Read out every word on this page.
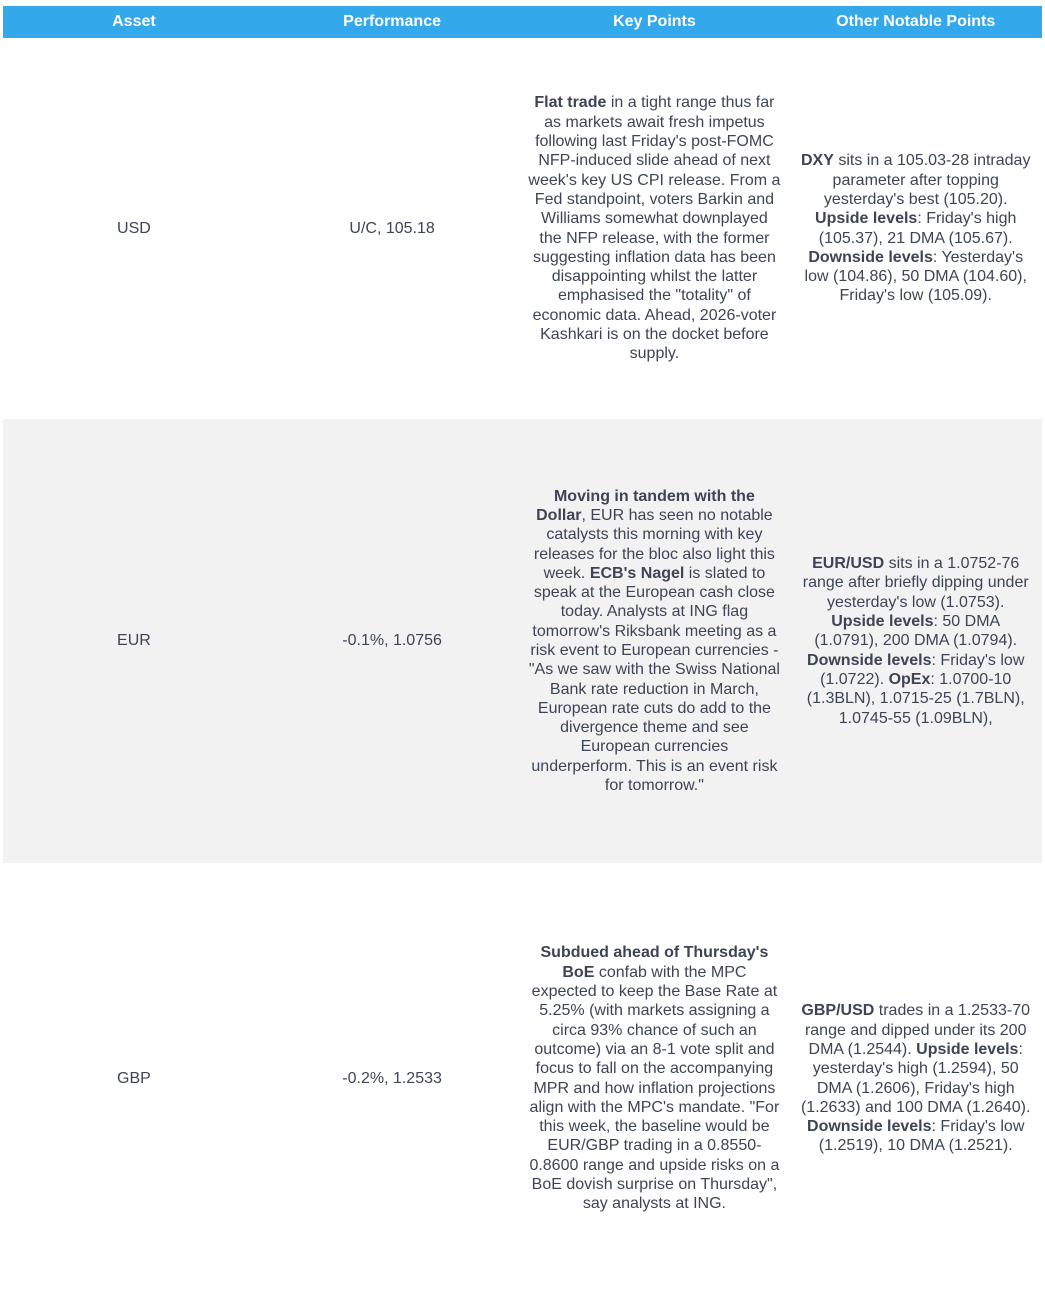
Asset	Performance	Key Points	Other Notable Points
USD	U/C, 105.18
Flat trade in a tight range thus far as markets await fresh impetus following last Friday's post-FOMC NFP-induced slide ahead of next week's key US CPI release. From a Fed standpoint, voters Barkin and Williams somewhat downplayed the NFP release, with the former suggesting inflation data has been disappointing whilst the latter emphasised the "totality" of economic data. Ahead, 2026-voter Kashkari is on the docket before supply.
DXY sits in a 105.03-28 intraday parameter after topping yesterday's best (105.20). Upside levels: Friday's high (105.37), 21 DMA (105.67). Downside levels: Yesterday's low (104.86), 50 DMA (104.60), Friday's low (105.09).
EUR	-0.1%, 1.0756
Moving in tandem with the Dollar, EUR has seen no notable catalysts this morning with key releases for the bloc also light this week. ECB's Nagel is slated to speak at the European cash close today. Analysts at ING flag tomorrow's Riksbank meeting as a risk event to European currencies - "As we saw with the Swiss National Bank rate reduction in March, European rate cuts do add to the divergence theme and see European currencies underperform. This is an event risk for tomorrow."
EUR/USD sits in a 1.0752-76 range after briefly dipping under yesterday's low (1.0753). Upside levels: 50 DMA (1.0791), 200 DMA (1.0794). Downside levels: Friday's low (1.0722). OpEx: 1.0700-10 (1.3BLN), 1.0715-25 (1.7BLN), 1.0745-55 (1.09BLN),
GBP	-0.2%, 1.2533
Subdued ahead of Thursday's BoE confab with the MPC expected to keep the Base Rate at 5.25% (with markets assigning a circa 93% chance of such an outcome) via an 8-1 vote split and focus to fall on the accompanying MPR and how inflation projections align with the MPC's mandate. "For this week, the baseline would be EUR/GBP trading in a 0.8550-0.8600 range and upside risks on a BoE dovish surprise on Thursday", say analysts at ING.
GBP/USD trades in a 1.2533-70 range and dipped under its 200 DMA (1.2544). Upside levels: yesterday's high (1.2594), 50 DMA (1.2606), Friday's high (1.2633) and 100 DMA (1.2640). Downside levels: Friday's low (1.2519), 10 DMA (1.2521).
